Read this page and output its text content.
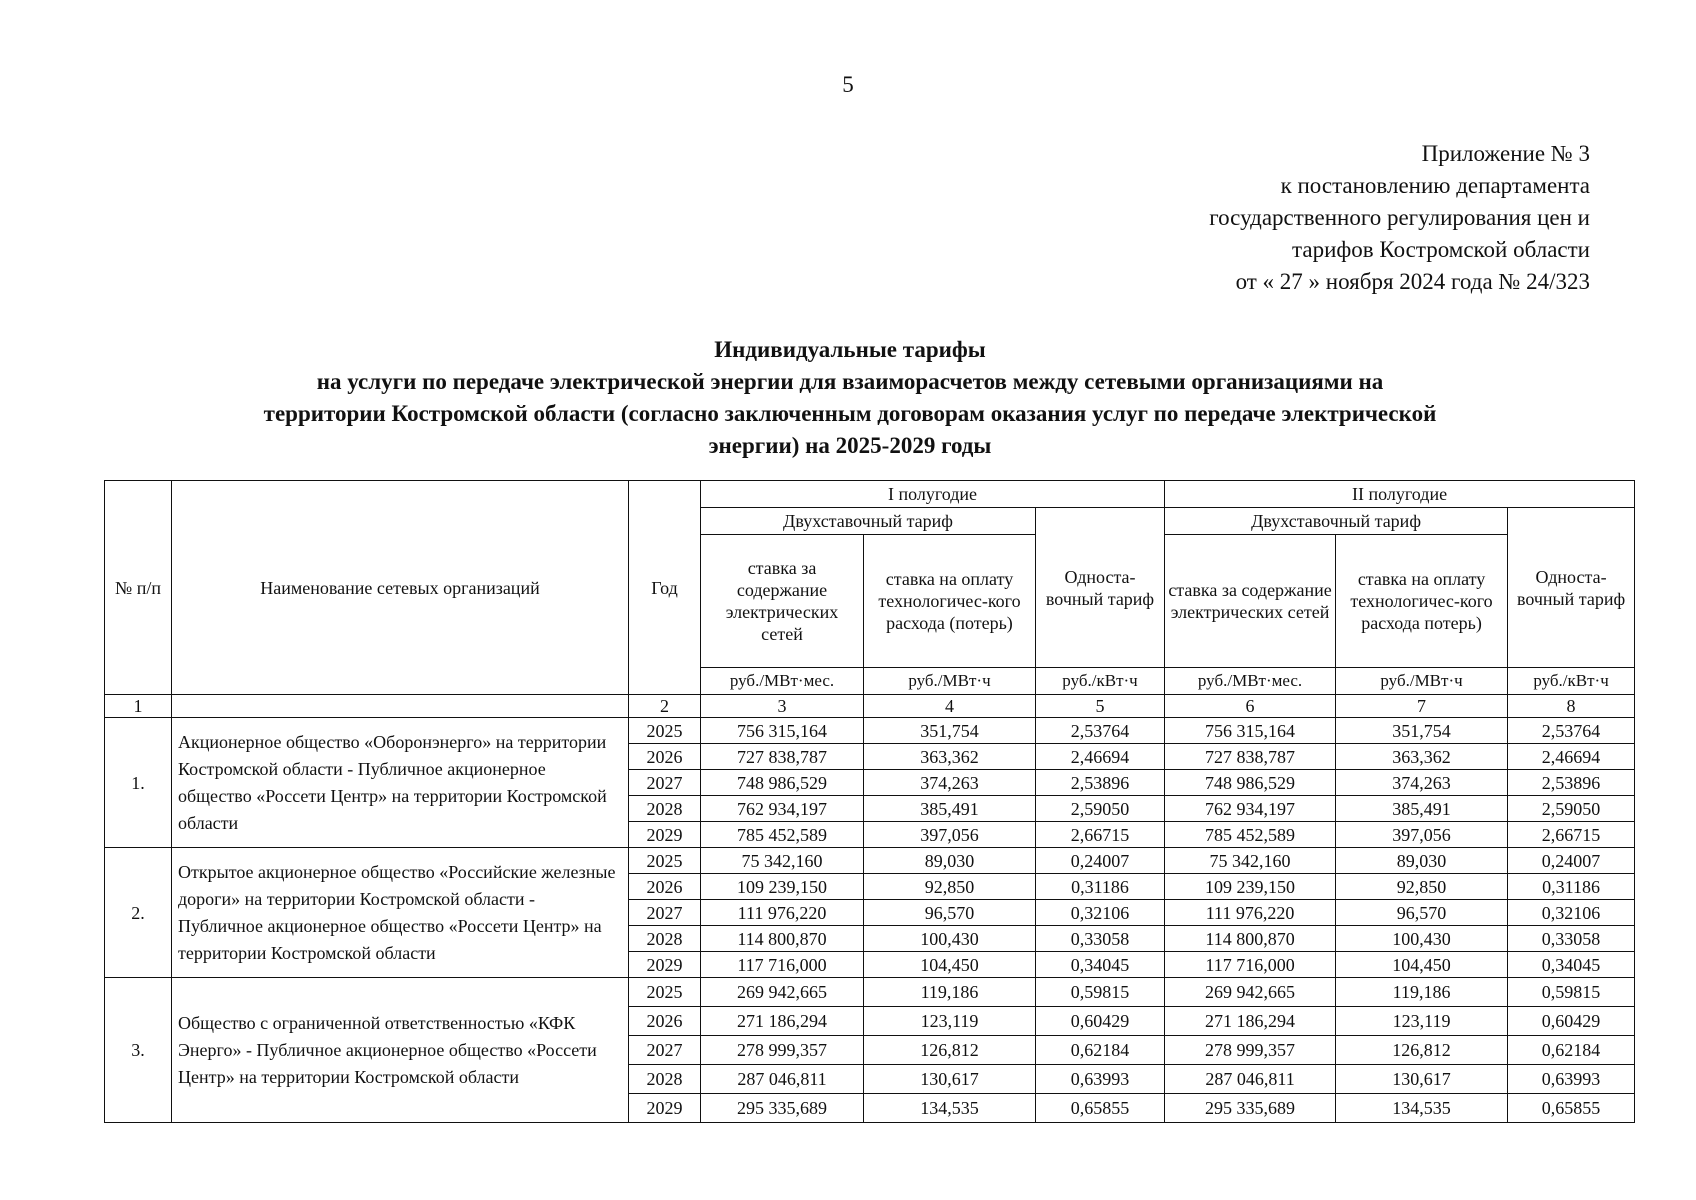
5
Приложение № 3
к постановлению департамента
государственного регулирования цен и
тарифов Костромской области
от « 27 » ноября 2024 года № 24/323
Индивидуальные тарифы
на услуги по передаче электрической энергии для взаиморасчетов между сетевыми организациями на
территории Костромской области (согласно заключенным договорам оказания услуг по передаче электрической
энергии) на 2025-2029 годы
№ п/п	Наименование сетевых организаций	Год	I полугодие			II полугодие		
			Двухставочный тариф		Односта-вочный тариф	Двухставочный тариф		Односта-вочный тариф
			ставка за содержание электрических сетей	ставка на оплату технологичес-кого расхода (потерь)		ставка за содержание электрических сетей	ставка на оплату технологичес-кого расхода потерь)	
			руб./МВт·мес.	руб./МВт·ч	руб./кВт·ч	руб./МВт·мес.	руб./МВт·ч	руб./кВт·ч
1		2	3	4	5	6	7	8
1.	Акционерное общество «Оборонэнерго» на территории Костромской области - Публичное акционерное общество «Россети Центр» на территории Костромской области	2025	756 315,164	351,754	2,53764	756 315,164	351,754	2,53764
		2026	727 838,787	363,362	2,46694	727 838,787	363,362	2,46694
		2027	748 986,529	374,263	2,53896	748 986,529	374,263	2,53896
		2028	762 934,197	385,491	2,59050	762 934,197	385,491	2,59050
		2029	785 452,589	397,056	2,66715	785 452,589	397,056	2,66715
2.	Открытое акционерное общество «Российские железные дороги» на территории Костромской области - Публичное акционерное общество «Россети Центр» на территории Костромской области	2025	75 342,160	89,030	0,24007	75 342,160	89,030	0,24007
		2026	109 239,150	92,850	0,31186	109 239,150	92,850	0,31186
		2027	111 976,220	96,570	0,32106	111 976,220	96,570	0,32106
		2028	114 800,870	100,430	0,33058	114 800,870	100,430	0,33058
		2029	117 716,000	104,450	0,34045	117 716,000	104,450	0,34045
3.	Общество с ограниченной ответственностью «КФК Энерго» - Публичное акционерное общество «Россети Центр» на территории Костромской области	2025	269 942,665	119,186	0,59815	269 942,665	119,186	0,59815
		2026	271 186,294	123,119	0,60429	271 186,294	123,119	0,60429
		2027	278 999,357	126,812	0,62184	278 999,357	126,812	0,62184
		2028	287 046,811	130,617	0,63993	287 046,811	130,617	0,63993
		2029	295 335,689	134,535	0,65855	295 335,689	134,535	0,65855
